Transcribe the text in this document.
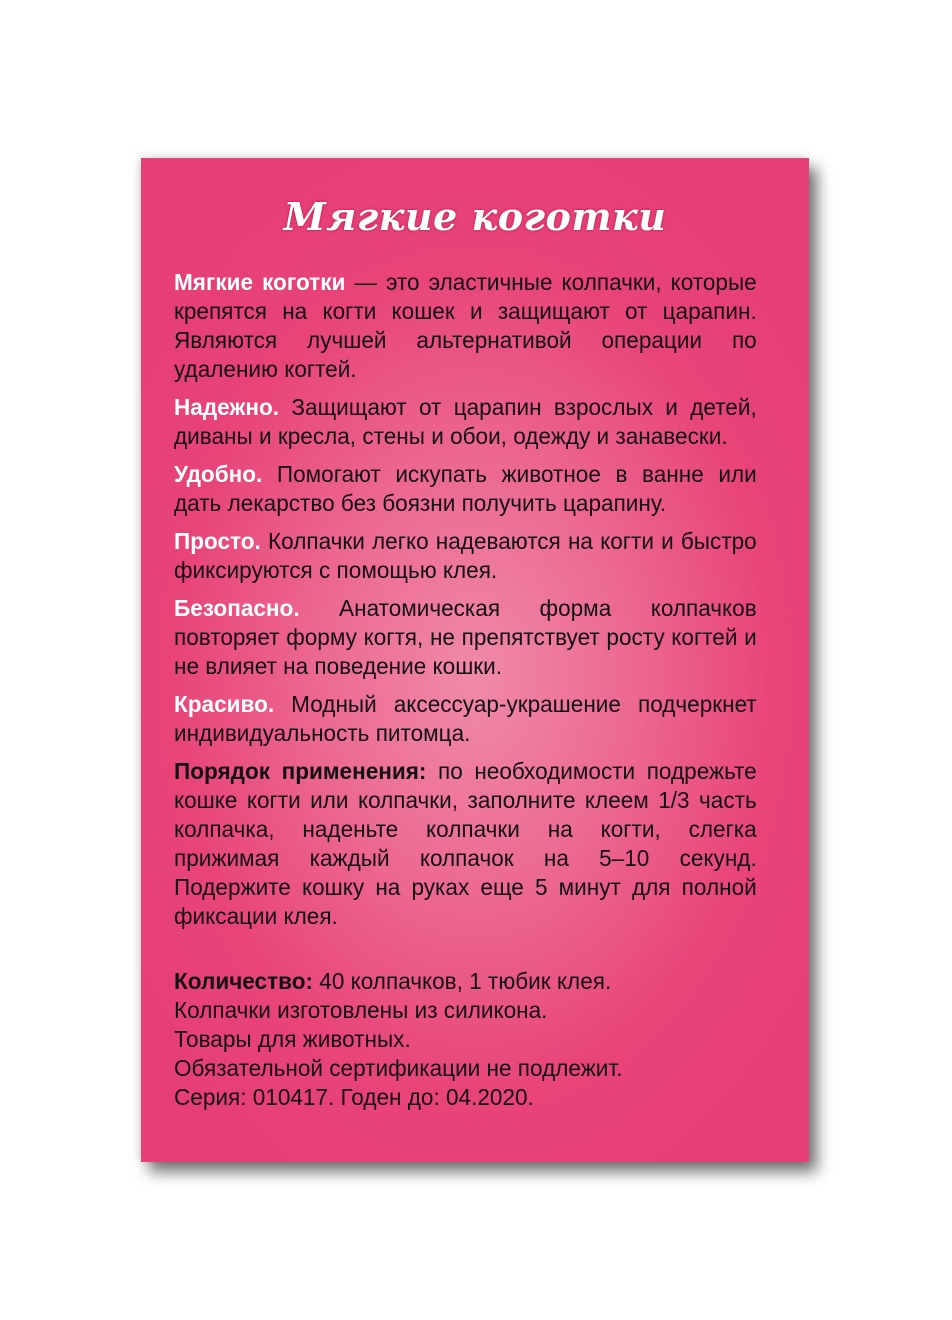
Мягкие коготки

Мягкие коготки — это эластичные колпачки, которые крепятся на когти кошек и защищают от царапин. Являются лучшей альтернативой операции по удалению когтей.

Надежно. Защищают от царапин взрослых и детей, диваны и кресла, стены и обои, одежду и занавески.

Удобно. Помогают искупать животное в ванне или дать лекарство без боязни получить царапину.

Просто. Колпачки легко надеваются на когти и быстро фиксируются с помощью клея.

Безопасно. Анатомическая форма колпачков повторяет форму когтя, не препятствует росту когтей и не влияет на поведение кошки.

Красиво. Модный аксессуар-украшение подчеркнет индивидуальность питомца.

Порядок применения: по необходимости подрежьте кошке когти или колпачки, заполните клеем 1/3 часть колпачка, наденьте колпачки на когти, слегка прижимая каждый колпачок на 5–10 секунд. Подержите кошку на руках еще 5 минут для полной фиксации клея.

Количество: 40 колпачков, 1 тюбик клея.
Колпачки изготовлены из силикона.
Товары для животных.
Обязательной сертификации не подлежит.
Серия: 010417. Годен до: 04.2020.
